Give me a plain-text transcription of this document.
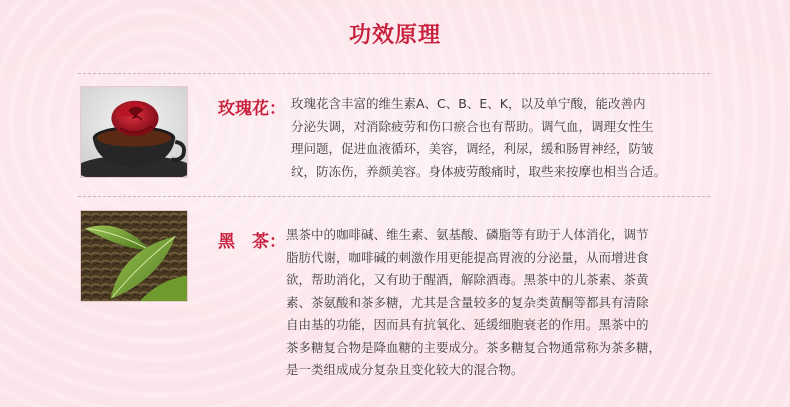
功效原理
玫瑰花： 玫瑰花含丰富的维生素A、C、B、E、K，以及单宁酸，能改善内
分泌失调，对消除疲劳和伤口瘀合也有帮助。调气血，调理女性生
理问题，促进血液循环，美容，调经，利尿，缓和肠胃神经，防皱
纹，防冻伤，养颜美容。身体疲劳酸痛时，取些来按摩也相当合适。
黑　茶： 黑茶中的咖啡碱、维生素、氨基酸、磷脂等有助于人体消化，调节
脂肪代谢，咖啡碱的刺激作用更能提高胃液的分泌量，从而增进食
欲，帮助消化，又有助于醒酒，解除酒毒。黑茶中的儿茶素、茶黄
素、茶氨酸和茶多糖，尤其是含量较多的复杂类黄酮等都具有清除
自由基的功能，因而具有抗氧化、延缓细胞衰老的作用。黑茶中的
茶多糖复合物是降血糖的主要成分。茶多糖复合物通常称为茶多糖，
是一类组成成分复杂且变化较大的混合物。
